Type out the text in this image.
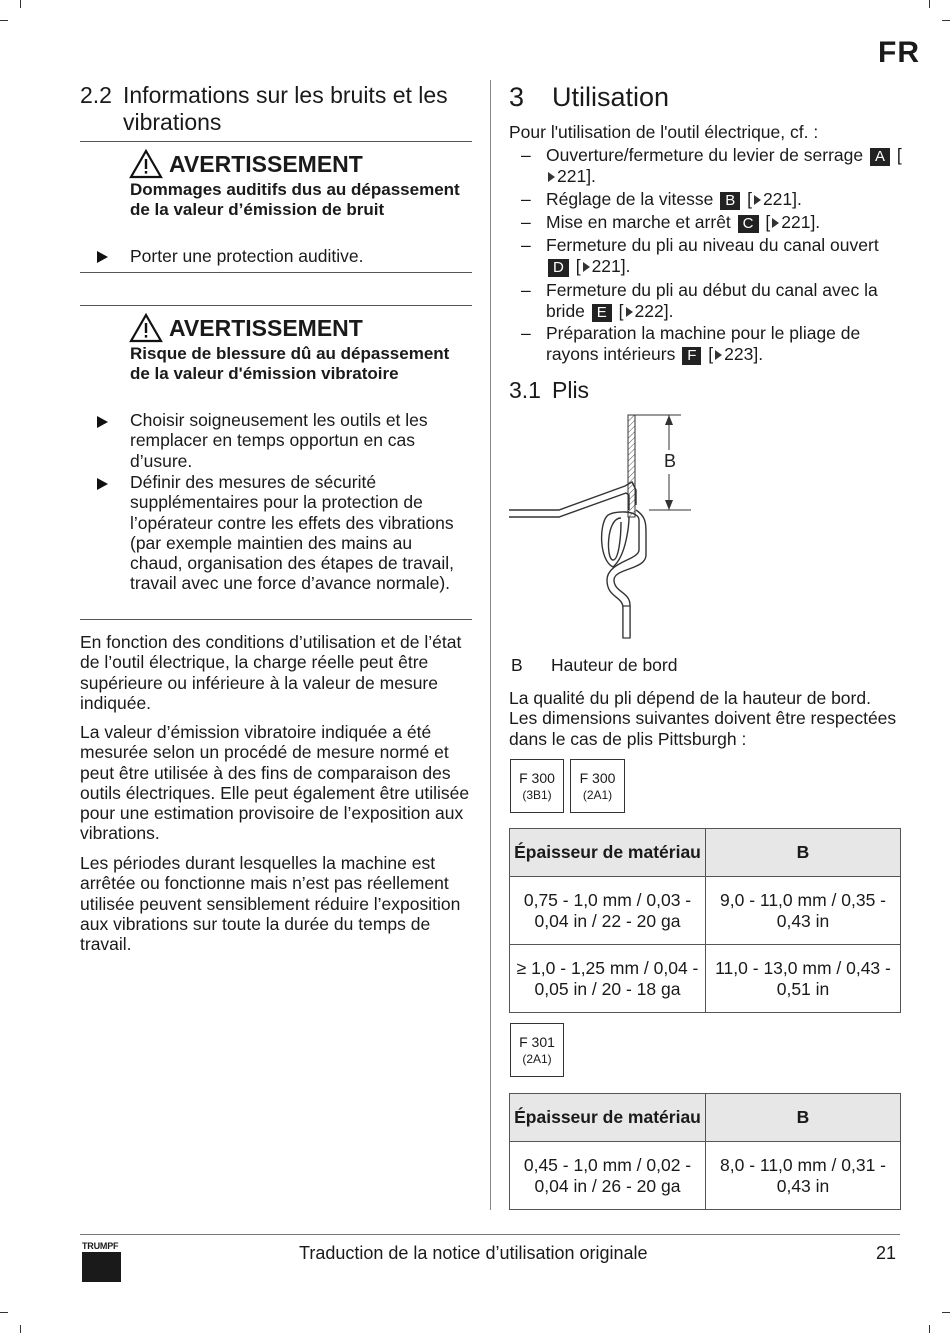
FR
2.2 Informations sur les bruits et les vibrations
AVERTISSEMENT
Dommages auditifs dus au dépassement de la valeur d’émission de bruit
Porter une protection auditive.
AVERTISSEMENT
Risque de blessure dû au dépassement de la valeur d'émission vibratoire
Choisir soigneusement les outils et les remplacer en temps opportun en cas d’usure.
Définir des mesures de sécurité supplémentaires pour la protection de l’opérateur contre les effets des vibrations (par exemple maintien des mains au chaud, organisation des étapes de travail, travail avec une force d’avance normale).
En fonction des conditions d’utilisation et de l’état de l’outil électrique, la charge réelle peut être supérieure ou inférieure à la valeur de mesure indiquée.
La valeur d’émission vibratoire indiquée a été mesurée selon un procédé de mesure normé et peut être utilisée à des fins de comparaison des outils électriques. Elle peut également être utilisée pour une estimation provisoire de l’exposition aux vibrations.
Les périodes durant lesquelles la machine est arrêtée ou fonctionne mais n’est pas réellement utilisée peuvent sensiblement réduire l’exposition aux vibrations sur toute la durée du temps de travail.
3	Utilisation
Pour l'utilisation de l'outil électrique, cf. :
– Ouverture/fermeture du levier de serrage A [221].
– Réglage de la vitesse B [ 221].
– Mise en marche et arrêt C [ 221].
– Fermeture du pli au niveau du canal ouvert D [ 221].
– Fermeture du pli au début du canal avec la bride E [ 222].
– Préparation la machine pour le pliage de rayons intérieurs F [ 223].
3.1 Plis
B
B Hauteur de bord
La qualité du pli dépend de la hauteur de bord. Les dimensions suivantes doivent être respectées dans le cas de plis Pittsburgh :
F 300
(3B1)
F 300
(2A1)
Épaisseur de matériau	B
0,75 - 1,0 mm / 0,03 - 0,04 in / 22 - 20 ga	9,0 - 11,0 mm / 0,35 - 0,43 in
≥ 1,0 - 1,25 mm / 0,04 - 0,05 in / 20 - 18 ga	11,0 - 13,0 mm / 0,43 - 0,51 in
F 301
(2A1)
Épaisseur de matériau	B
0,45 - 1,0 mm / 0,02 - 0,04 in / 26 - 20 ga	8,0 - 11,0 mm / 0,31 - 0,43 in
TRUMPF	Traduction de la notice d’utilisation originale	21
